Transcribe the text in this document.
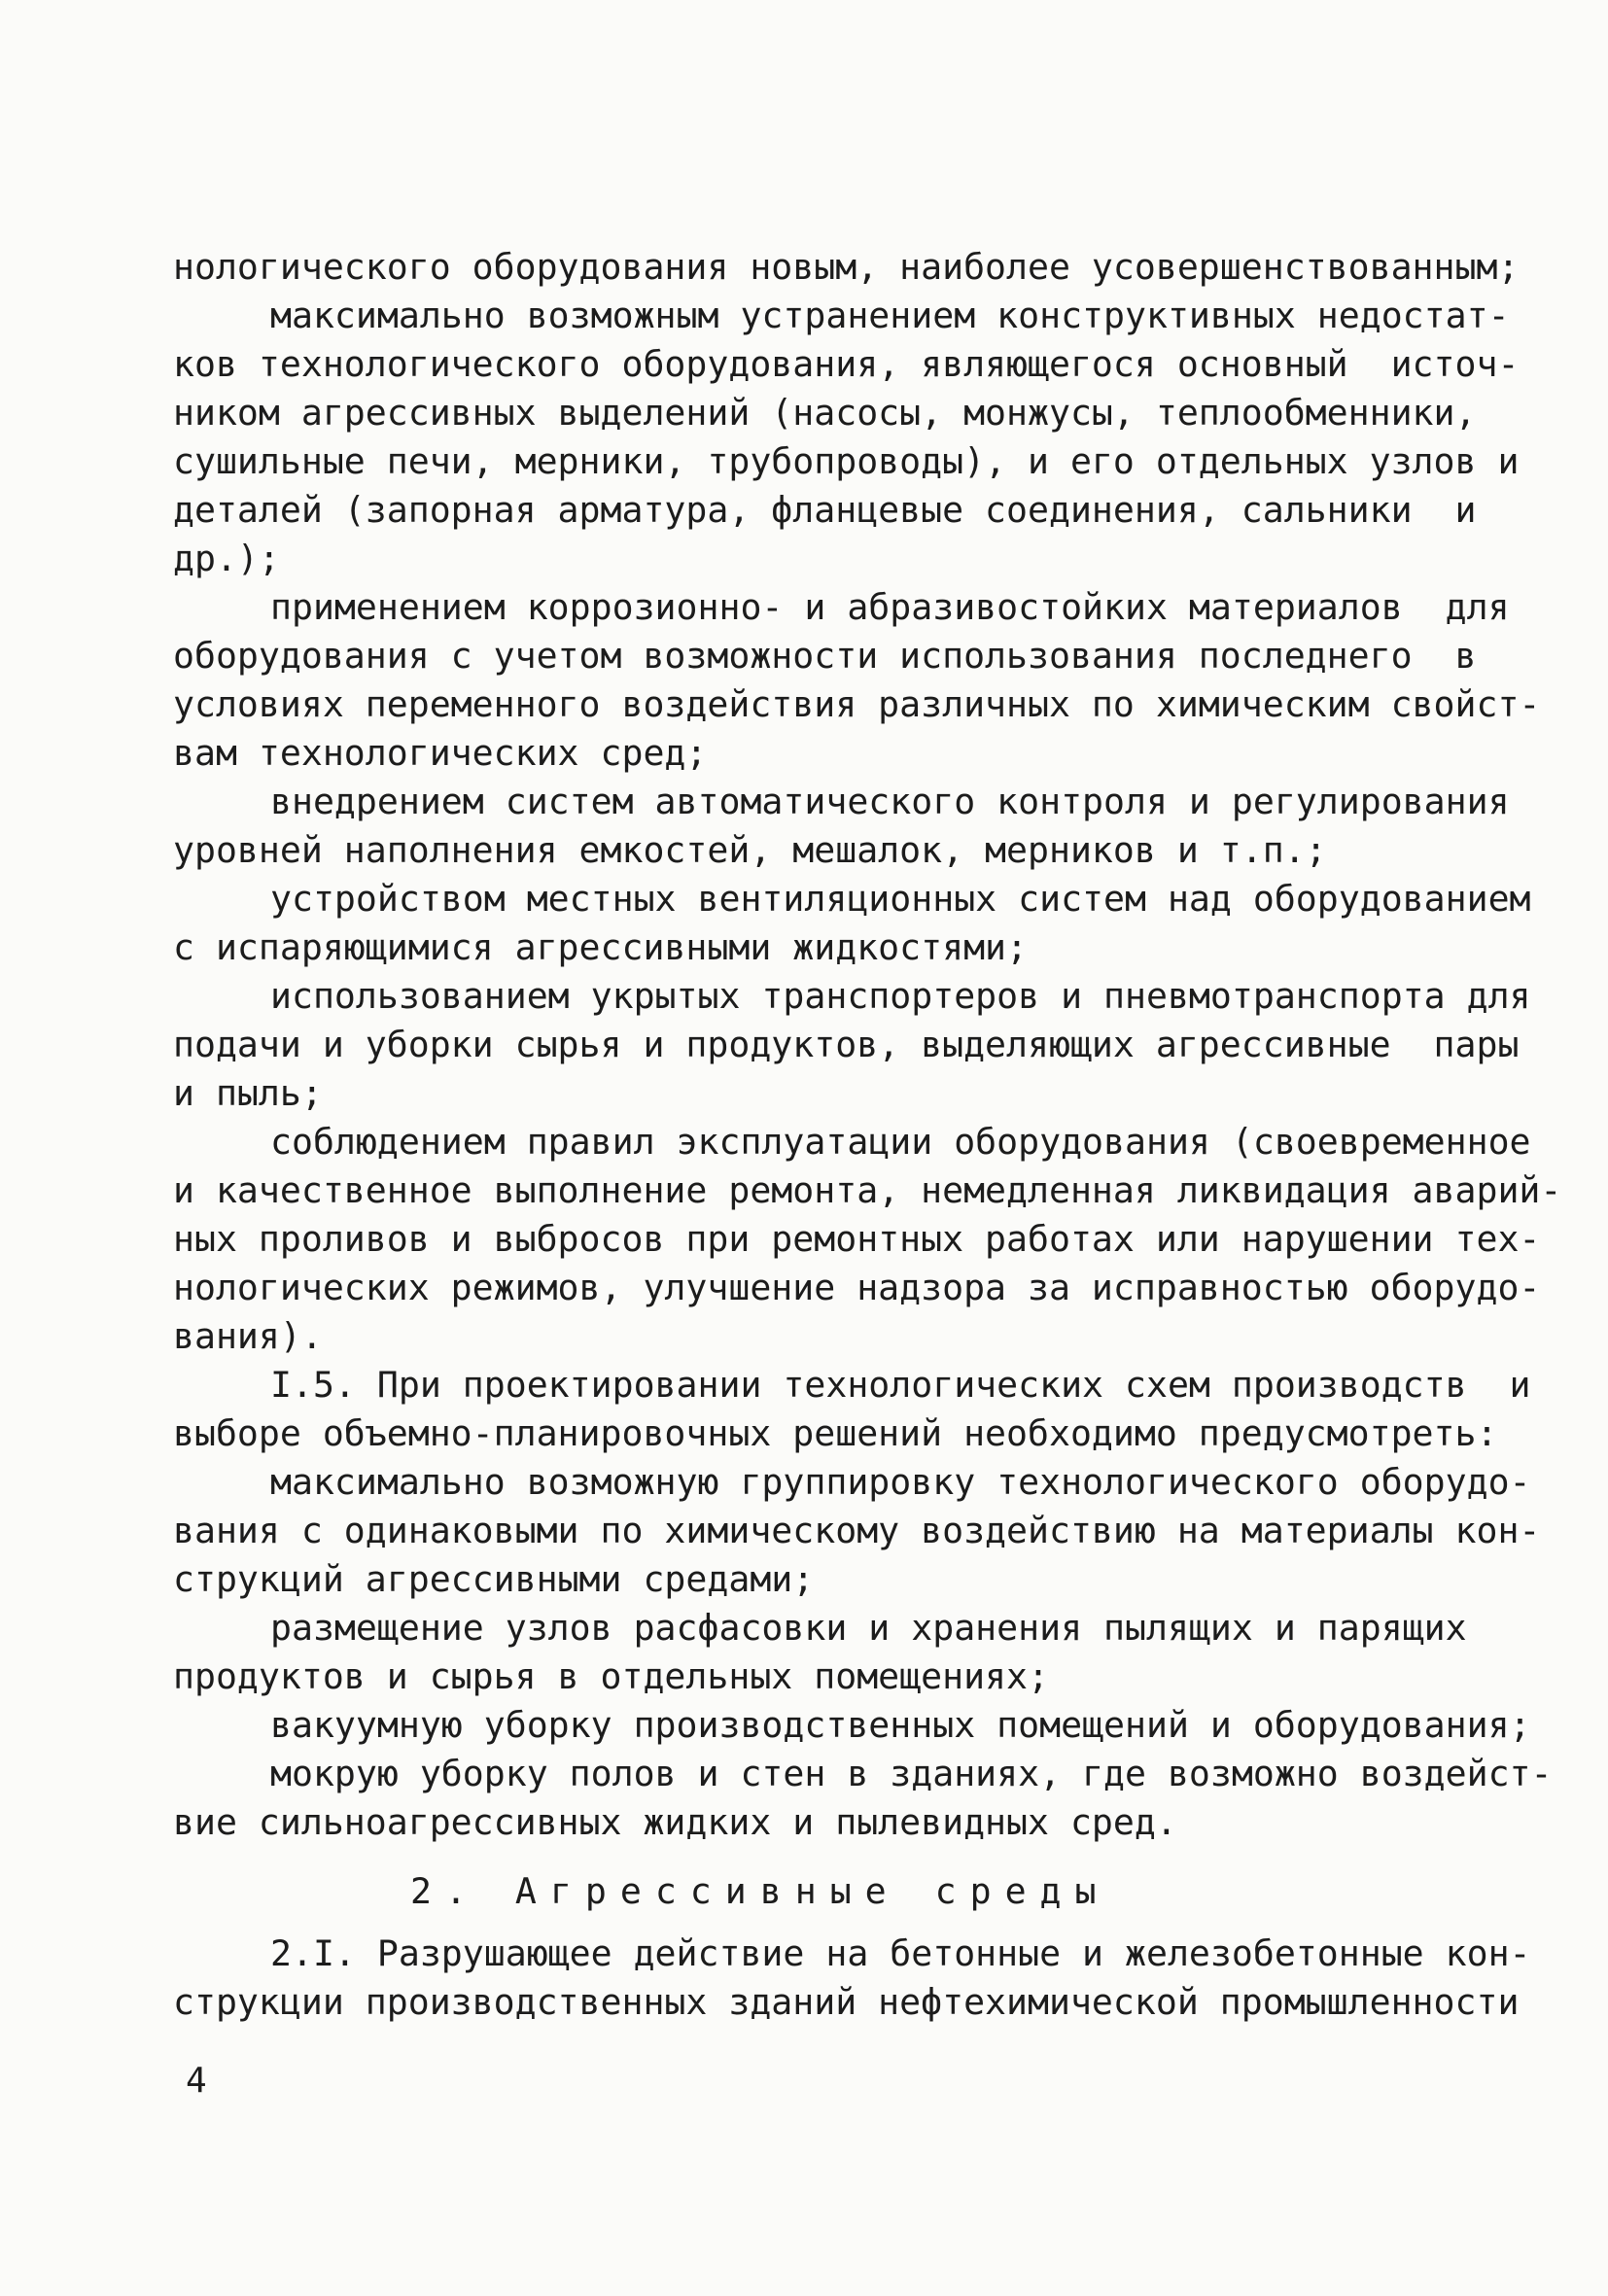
нологического оборудования новым, наиболее усовершенствованным;
максимально возможным устранением конструктивных недостат-
ков технологического оборудования, являющегося основный  источ-
ником агрессивных выделений (насосы, монжусы, теплообменники,
сушильные печи, мерники, трубопроводы), и его отдельных узлов и
деталей (запорная арматура, фланцевые соединения, сальники  и
др.);
применением коррозионно- и абразивостойких материалов  для
оборудования с учетом возможности использования последнего  в
условиях переменного воздействия различных по химическим свойст-
вам технологических сред;
внедрением систем автоматического контроля и регулирования
уровней наполнения емкостей, мешалок, мерников и т.п.;
устройством местных вентиляционных систем над оборудованием
с испаряющимися агрессивными жидкостями;
использованием укрытых транспортеров и пневмотранспорта для
подачи и уборки сырья и продуктов, выделяющих агрессивные  пары
и пыль;
соблюдением правил эксплуатации оборудования (своевременное
и качественное выполнение ремонта, немедленная ликвидация аварий-
ных проливов и выбросов при ремонтных работах или нарушении тех-
нологических режимов, улучшение надзора за исправностью оборудо-
вания).
I.5. При проектировании технологических схем производств  и
выборе объемно-планировочных решений необходимо предусмотреть:
максимально возможную группировку технологического оборудо-
вания с одинаковыми по химическому воздействию на материалы кон-
струкций агрессивными средами;
размещение узлов расфасовки и хранения пылящих и парящих
продуктов и сырья в отдельных помещениях;
вакуумную уборку производственных помещений и оборудования;
мокрую уборку полов и стен в зданиях, где возможно воздейст-
вие сильноагрессивных жидких и пылевидных сред.
2. Агрессивные среды
2.I. Разрушающее действие на бетонные и железобетонные кон-
струкции производственных зданий нефтехимической промышленности
4
